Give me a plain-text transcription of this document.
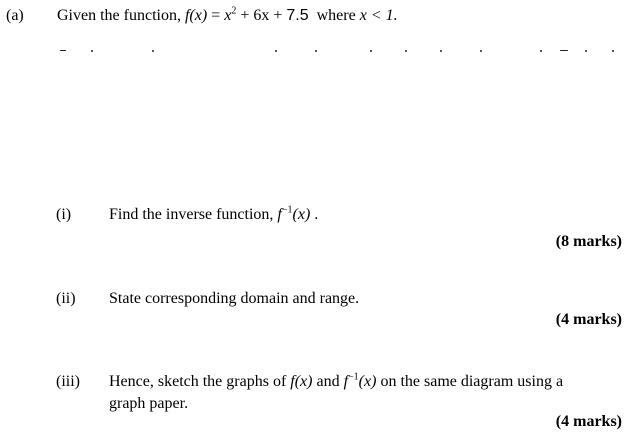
(a) Given the function, $f(x) = x^2 + 6x + 7.5$ where x < 1.
(i) Find the inverse function, $f^{-1}(x)$ .
(8 marks)
(ii) State corresponding domain and range.
(4 marks)
(iii) Hence, sketch the graphs of f(x) and $f^{-1}(x)$ on the same diagram using a
graph paper.
(4 marks)
